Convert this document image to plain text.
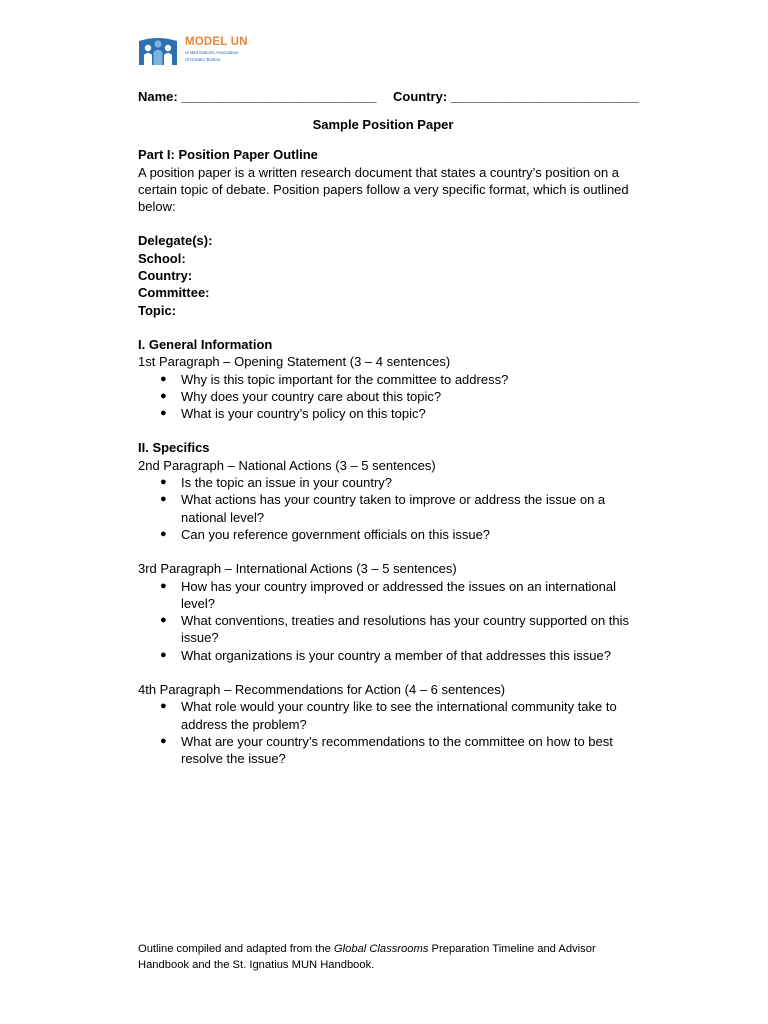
MODEL UN
United Nations Association
of Greater Boston
Name: ___________________________ Country: __________________________
Sample Position Paper
Part I: Position Paper Outline

A position paper is a written research document that states a country’s position on a certain topic of debate. Position papers follow a very specific format, which is outlined below:

Delegate(s):
School:
Country:
Committee:
Topic:
I. General Information
1st Paragraph – Opening Statement (3 – 4 sentences)
● Why is this topic important for the committee to address?
● Why does your country care about this topic?
● What is your country’s policy on this topic?
II. Specifics
2nd Paragraph – National Actions (3 – 5 sentences)
● Is the topic an issue in your country?
● What actions has your country taken to improve or address the issue on a national level?
● Can you reference government officials on this issue?
3rd Paragraph – International Actions (3 – 5 sentences)
● How has your country improved or addressed the issues on an international level?
● What conventions, treaties and resolutions has your country supported on this issue?
● What organizations is your country a member of that addresses this issue?
4th Paragraph – Recommendations for Action (4 – 6 sentences)
● What role would your country like to see the international community take to address the problem?
● What are your country’s recommendations to the committee on how to best resolve the issue?
Outline compiled and adapted from the Global Classrooms Preparation Timeline and Advisor Handbook and the St. Ignatius MUN Handbook.
